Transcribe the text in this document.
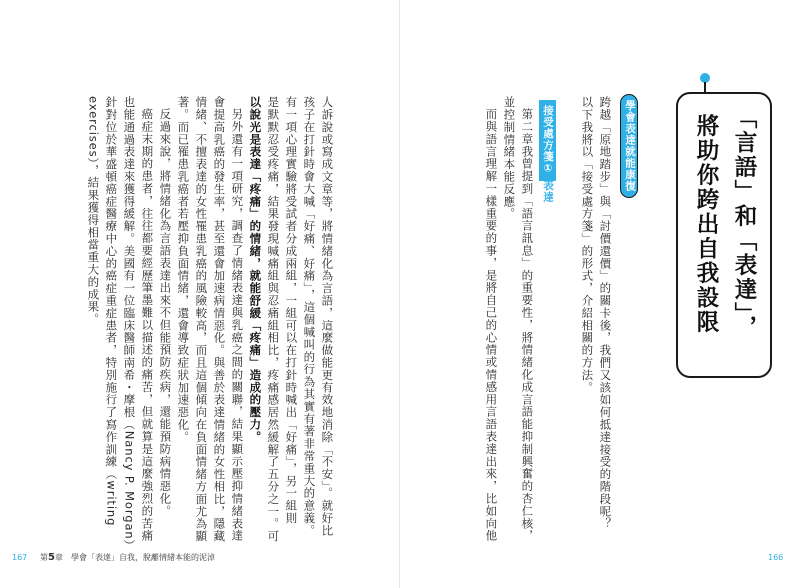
「言語」和「表達」，
將助你跨出自我設限
學會表達就能康復
跨越「原地踏步」與「討價還價」的關卡後，我們又該如何抵達接受的階段呢？
以下我將以「接受處方箋」的形式，介紹相關的方法。
接受處方箋①
表達
第二章我曾提到「語言訊息」的重要性，將情緒化成言語能抑制興奮的杏仁核，
並控制情緒本能反應。
而與語言理解一樣重要的事，是將自己的心情或情感用言語表達出來，比如向他
人訴說或寫成文章等，將情緒化為言語，這麼做能更有效地消除「不安」。就好比
孩子在打針時會大喊「好痛、好痛」，這個喊叫的行為其實有著非常重大的意義。
有一項心理實驗將受試者分成兩組，一組可以在打針時喊出「好痛」，另一組則
是默默忍受疼痛，結果發現喊痛組與忍痛組相比，疼痛感居然緩解了五分之一。可
以說光是表達「疼痛」的情緒，就能舒緩「疼痛」造成的壓力。
另外還有一項研究，調查了情緒表達與乳癌之間的關聯，結果顯示壓抑情緒表達
會提高乳癌的發生率，甚至還會加速病情惡化。與善於表達情緒的女性相比，隱藏
情緒、不擅表達的女性罹患乳癌的風險較高，而且這個傾向在負面情緒方面尤為顯
著。而已罹患乳癌者若壓抑負面情緒，還會導致症狀加速惡化。
反過來說，將情緒化為言語表達出來不但能預防疾病，還能預防病情惡化。
癌症末期的患者，往往都要經歷筆墨難以描述的痛苦，但就算是這麼強烈的苦痛
也能通過表達來獲得緩解。美國有一位臨床醫師南希・摩根（Nancy P. Morgan）
針對位於華盛頓癌症醫療中心的癌症重症患者，特別施行了寫作訓練（writing
exercises），結果獲得相當重大的成果。
167 第5章　學會「表達」自我，脫離情緒本能的泥淖	166
